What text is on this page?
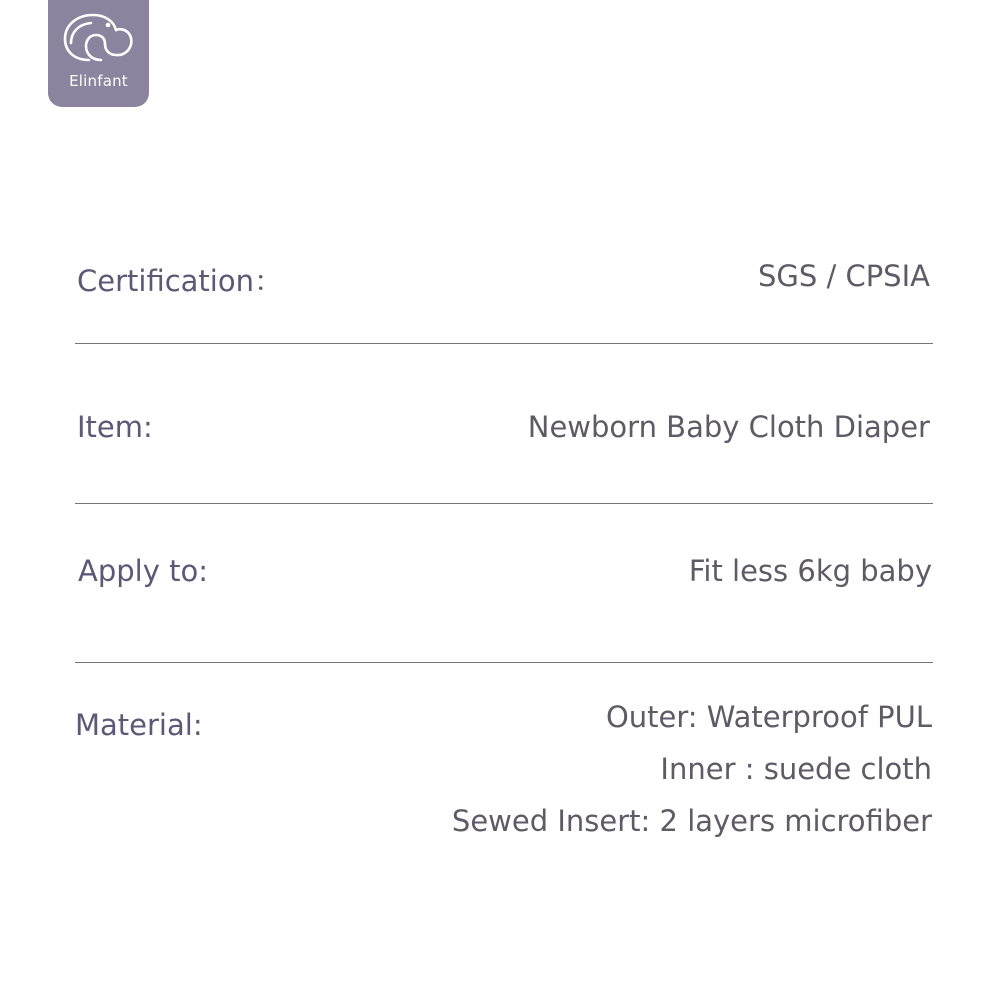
Elinfant
Certification：	SGS / CPSIA
Item:	Newborn Baby Cloth Diaper
Apply to:	Fit less 6kg baby
Material:	Outer: Waterproof PUL
Inner : suede cloth
Sewed Insert: 2 layers microfiber
